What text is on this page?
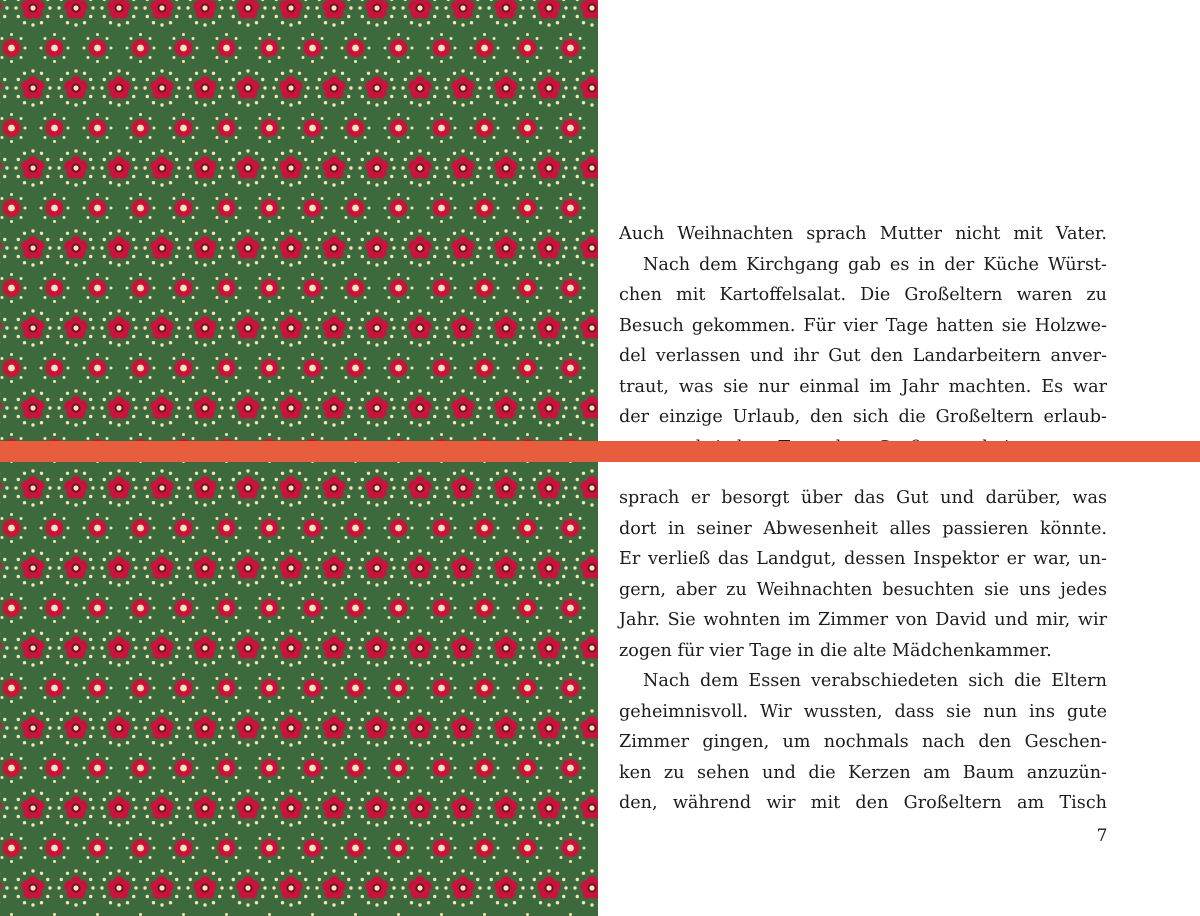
Auch Weihnachten sprach Mutter nicht mit Vater.
Nach dem Kirchgang gab es in der Küche Würst-
chen mit Kartoffelsalat. Die Großeltern waren zu
Besuch gekommen. Für vier Tage hatten sie Holzwe-
del verlassen und ihr Gut den Landarbeitern anver-
traut, was sie nur einmal im Jahr machten. Es war
der einzige Urlaub, den sich die Großeltern erlaub-
sprach er besorgt über das Gut und darüber, was
dort in seiner Abwesenheit alles passieren könnte.
Er verließ das Landgut, dessen Inspektor er war, un-
gern, aber zu Weihnachten besuchten sie uns jedes
Jahr. Sie wohnten im Zimmer von David und mir, wir
zogen für vier Tage in die alte Mädchenkammer.
Nach dem Essen verabschiedeten sich die Eltern
geheimnisvoll. Wir wussten, dass sie nun ins gute
Zimmer gingen, um nochmals nach den Geschen-
ken zu sehen und die Kerzen am Baum anzuzün-
den, während wir mit den Großeltern am Tisch
7
